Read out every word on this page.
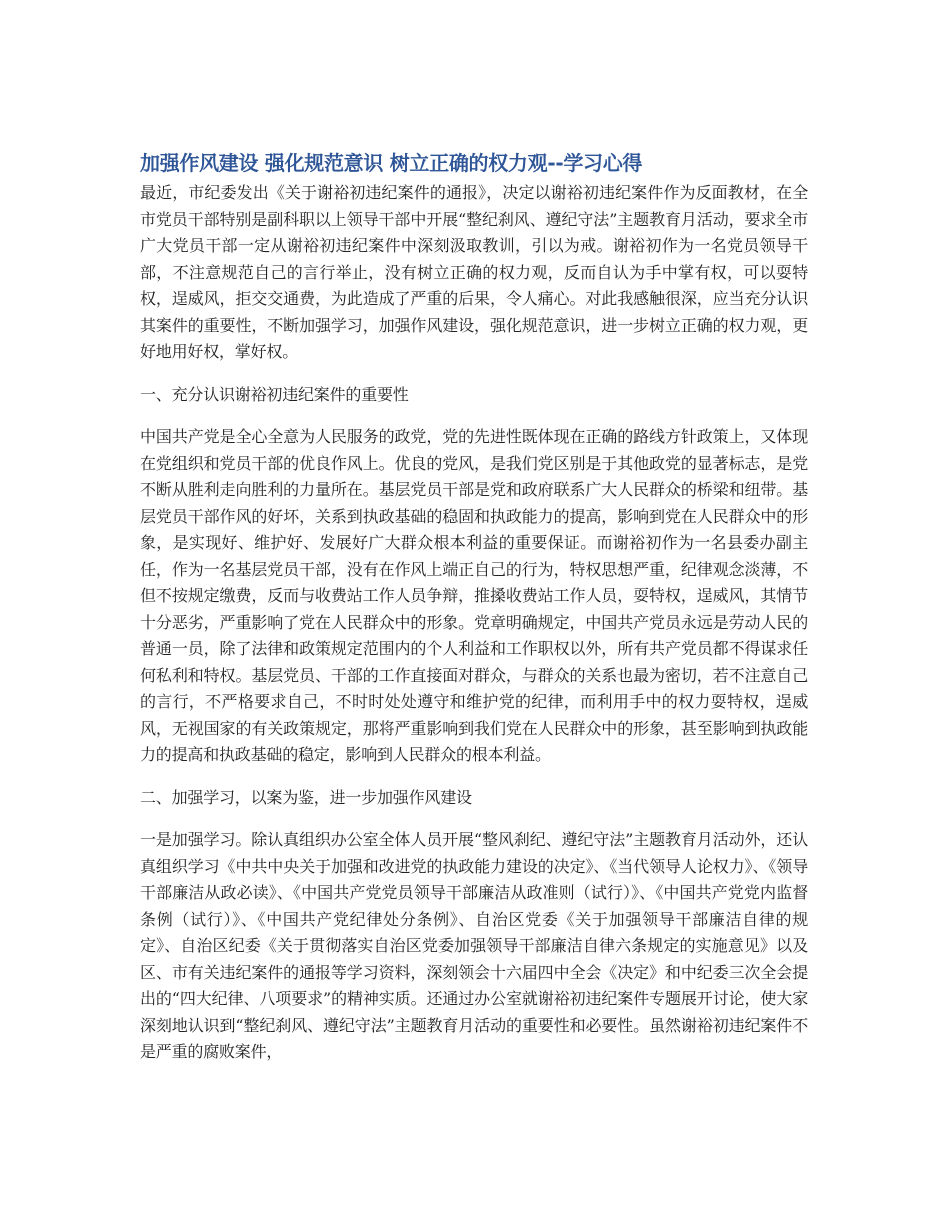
加强作风建设 强化规范意识 树立正确的权力观--学习心得

最近，市纪委发出《关于谢裕初违纪案件的通报》，决定以谢裕初违纪案件作为反面教材，在全市党员干部特别是副科职以上领导干部中开展“整纪刹风、遵纪守法”主题教育月活动，要求全市广大党员干部一定从谢裕初违纪案件中深刻汲取教训，引以为戒。谢裕初作为一名党员领导干部，不注意规范自己的言行举止，没有树立正确的权力观，反而自认为手中掌有权，可以耍特权，逞威风，拒交交通费，为此造成了严重的后果，令人痛心。对此我感触很深，应当充分认识其案件的重要性，不断加强学习，加强作风建设，强化规范意识，进一步树立正确的权力观，更好地用好权，掌好权。

一、充分认识谢裕初违纪案件的重要性

中国共产党是全心全意为人民服务的政党，党的先进性既体现在正确的路线方针政策上，又体现在党组织和党员干部的优良作风上。优良的党风，是我们党区别是于其他政党的显著标志，是党不断从胜利走向胜利的力量所在。基层党员干部是党和政府联系广大人民群众的桥梁和纽带。基层党员干部作风的好坏，关系到执政基础的稳固和执政能力的提高，影响到党在人民群众中的形象，是实现好、维护好、发展好广大群众根本利益的重要保证。而谢裕初作为一名县委办副主任，作为一名基层党员干部，没有在作风上端正自己的行为，特权思想严重，纪律观念淡薄，不但不按规定缴费，反而与收费站工作人员争辩，推搡收费站工作人员，耍特权，逞威风，其情节十分恶劣，严重影响了党在人民群众中的形象。党章明确规定，中国共产党员永远是劳动人民的普通一员，除了法律和政策规定范围内的个人利益和工作职权以外，所有共产党员都不得谋求任何私利和特权。基层党员、干部的工作直接面对群众，与群众的关系也最为密切，若不注意自己的言行，不严格要求自己，不时时处处遵守和维护党的纪律，而利用手中的权力耍特权，逞威风，无视国家的有关政策规定，那将严重影响到我们党在人民群众中的形象，甚至影响到执政能力的提高和执政基础的稳定，影响到人民群众的根本利益。

二、加强学习，以案为鉴，进一步加强作风建设

一是加强学习。除认真组织办公室全体人员开展“整风刹纪、遵纪守法”主题教育月活动外，还认真组织学习《中共中央关于加强和改进党的执政能力建设的决定》、《当代领导人论权力》、《领导干部廉洁从政必读》、《中国共产党党员领导干部廉洁从政准则（试行）》、《中国共产党党内监督条例（试行）》、《中国共产党纪律处分条例》、自治区党委《关于加强领导干部廉洁自律的规定》、自治区纪委《关于贯彻落实自治区党委加强领导干部廉洁自律六条规定的实施意见》以及区、市有关违纪案件的通报等学习资料，深刻领会十六届四中全会《决定》和中纪委三次全会提出的“四大纪律、八项要求”的精神实质。还通过办公室就谢裕初违纪案件专题展开讨论，使大家深刻地认识到“整纪刹风、遵纪守法”主题教育月活动的重要性和必要性。虽然谢裕初违纪案件不是严重的腐败案件，
